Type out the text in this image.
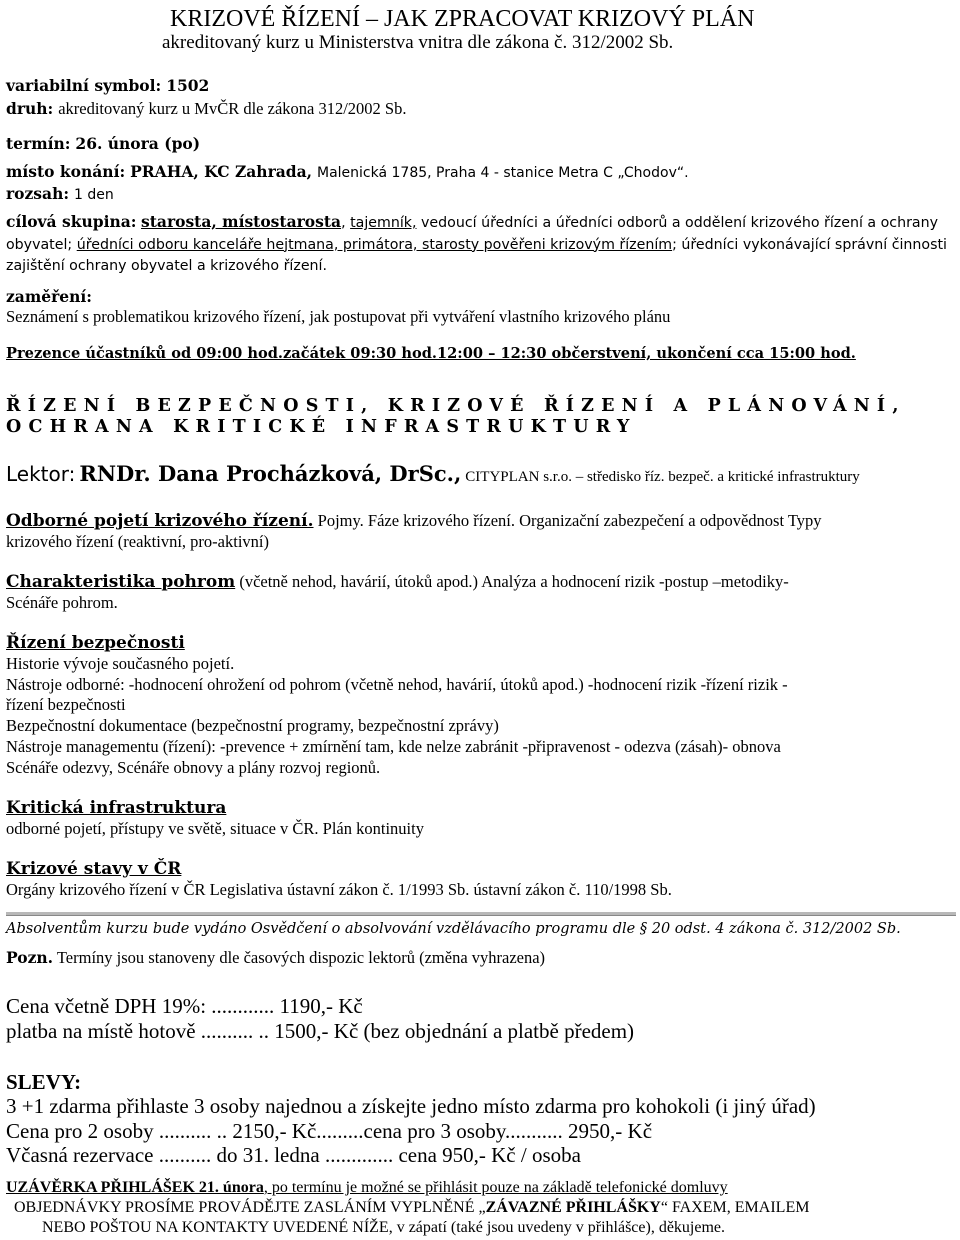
KRIZOVÉ ŘÍZENÍ – JAK ZPRACOVAT KRIZOVÝ PLÁN
akreditovaný kurz u Ministerstva vnitra dle zákona č. 312/2002 Sb.
variabilní symbol: 1502
druh: akreditovaný kurz u MvČR dle zákona 312/2002 Sb.
termín: 26. února (po)
místo konání: PRAHA, KC Zahrada, Malenická 1785, Praha 4 - stanice Metra C „Chodov“.
rozsah: 1 den
cílová skupina: starosta, místostarosta, tajemník, vedoucí úředníci a úředníci odborů a oddělení krizového řízení a ochrany obyvatel; úředníci odboru kanceláře hejtmana, primátora, starosty pověřeni krizovým řízením; úředníci vykonávající správní činnosti zajištění ochrany obyvatel a krizového řízení.
zaměření:
Seznámení s problematikou krizového řízení, jak postupovat při vytváření vlastního krizového plánu
Prezence účastníků od 09:00 hod.začátek 09:30 hod.12:00 – 12:30 občerstvení, ukončení cca 15:00 hod.
ŘÍZENÍ BEZPEČNOSTI, KRIZOVÉ ŘÍZENÍ A PLÁNOVÁNÍ,
OCHRANA KRITICKÉ INFRASTRUKTURY
Lektor: RNDr. Dana Procházková, DrSc., CITYPLAN s.r.o. – středisko říz. bezpeč. a kritické infrastruktury
Odborné pojetí krizového řízení. Pojmy. Fáze krizového řízení. Organizační zabezpečení a odpovědnost Typy
krizového řízení (reaktivní, pro-aktivní)
Charakteristika pohrom (včetně nehod, havárií, útoků apod.) Analýza a hodnocení rizik -postup –metodiky-
Scénáře pohrom.
Řízení bezpečnosti
Historie vývoje současného pojetí.
Nástroje odborné: -hodnocení ohrožení od pohrom (včetně nehod, havárií, útoků apod.) -hodnocení rizik -řízení rizik -
řízení bezpečnosti
Bezpečnostní dokumentace (bezpečnostní programy, bezpečnostní zprávy)
Nástroje managementu (řízení): -prevence + zmírnění tam, kde nelze zabránit -připravenost - odezva (zásah)- obnova
Scénáře odezvy, Scénáře obnovy a plány rozvoj regionů.
Kritická infrastruktura
odborné pojetí, přístupy ve světě, situace v ČR. Plán kontinuity
Krizové stavy v ČR
Orgány krizového řízení v ČR Legislativa ústavní zákon č. 1/1993 Sb. ústavní zákon č. 110/1998 Sb.
Absolventům kurzu bude vydáno Osvědčení o absolvování vzdělávacího programu dle § 20 odst. 4 zákona č. 312/2002 Sb.
Pozn. Termíny jsou stanoveny dle časových dispozic lektorů (změna vyhrazena)
Cena včetně DPH 19%: ............ 1190,- Kč
platba na místě hotově .......... .. 1500,- Kč (bez objednání a platbě předem)
SLEVY:
3 +1 zdarma přihlaste 3 osoby najednou a získejte jedno místo zdarma pro kohokoli (i jiný úřad)
Cena pro 2 osoby .......... .. 2150,- Kč.........cena pro 3 osoby........... 2950,- Kč
Včasná rezervace .......... do 31. ledna ............. cena 950,- Kč / osoba
UZÁVĚRKA PŘIHLÁŠEK 21. února, po termínu je možné se přihlásit pouze na základě telefonické domluvy
OBJEDNÁVKY PROSÍME PROVÁDĚJTE ZASLÁNÍM VYPLNĚNÉ „ZÁVAZNÉ PŘIHLÁŠKY“ FAXEM, EMAILEM
NEBO POŠTOU NA KONTAKTY UVEDENÉ NÍŽE, v zápatí (také jsou uvedeny v přihlášce), děkujeme.
